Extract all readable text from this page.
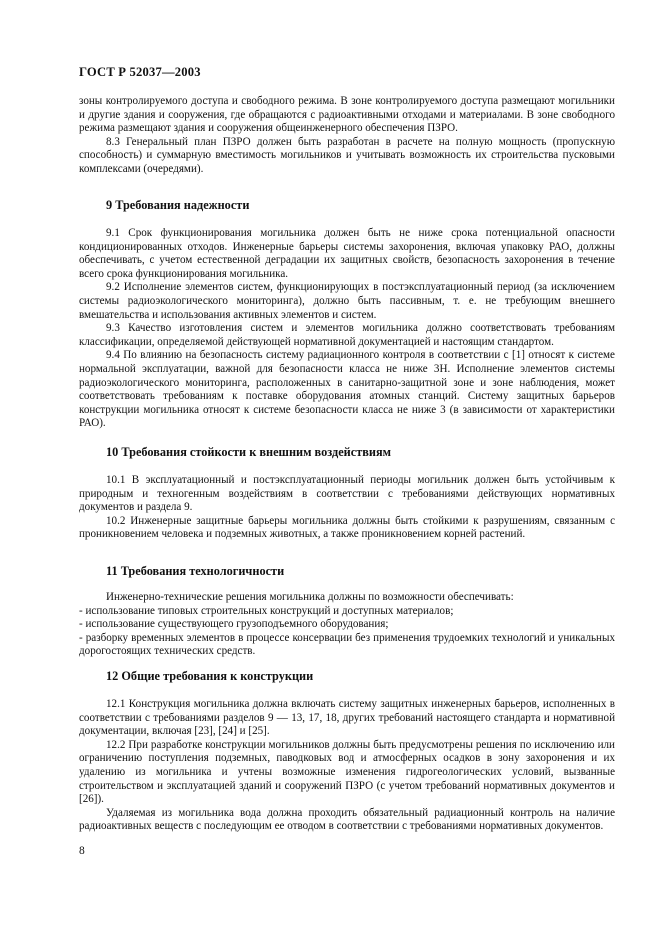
ГОСТ Р 52037—2003

зоны контролируемого доступа и свободного режима. В зоне контролируемого доступа размещают могильники и другие здания и сооружения, где обращаются с радиоактивными отходами и материалами. В зоне свободного режима размещают здания и сооружения общеинженерного обеспечения ПЗРО.

8.3 Генеральный план ПЗРО должен быть разработан в расчете на полную мощность (пропускную способность) и суммарную вместимость могильников и учитывать возможность их строительства пусковыми комплексами (очередями).

9 Требования надежности

9.1 Срок функционирования могильника должен быть не ниже срока потенциальной опасности кондиционированных отходов. Инженерные барьеры системы захоронения, включая упаковку РАО, должны обеспечивать, с учетом естественной деградации их защитных свойств, безопасность захоронения в течение всего срока функционирования могильника.

9.2 Исполнение элементов систем, функционирующих в постэксплуатационный период (за исключением системы радиоэкологического мониторинга), должно быть пассивным, т. е. не требующим внешнего вмешательства и использования активных элементов и систем.

9.3 Качество изготовления систем и элементов могильника должно соответствовать требованиям классификации, определяемой действующей нормативной документацией и настоящим стандартом.

9.4 По влиянию на безопасность систему радиационного контроля в соответствии с [1] относят к системе нормальной эксплуатации, важной для безопасности класса не ниже 3Н. Исполнение элементов системы радиоэкологического мониторинга, расположенных в санитарно-защитной зоне и зоне наблюдения, может соответствовать требованиям к поставке оборудования атомных станций. Систему защитных барьеров конструкции могильника относят к системе безопасности класса не ниже 3 (в зависимости от характеристики РАО).

10 Требования стойкости к внешним воздействиям

10.1 В эксплуатационный и постэксплуатационный периоды могильник должен быть устойчивым к природным и техногенным воздействиям в соответствии с требованиями действующих нормативных документов и раздела 9.

10.2 Инженерные защитные барьеры могильника должны быть стойкими к разрушениям, связанным с проникновением человека и подземных животных, а также проникновением корней растений.

11 Требования технологичности

Инженерно-технические решения могильника должны по возможности обеспечивать:

- использование типовых строительных конструкций и доступных материалов;

- использование существующего грузоподъемного оборудования;

- разборку временных элементов в процессе консервации без применения трудоемких технологий и уникальных дорогостоящих технических средств.

12 Общие требования к конструкции

12.1 Конструкция могильника должна включать систему защитных инженерных барьеров, исполненных в соответствии с требованиями разделов 9 — 13, 17, 18, других требований настоящего стандарта и нормативной документации, включая [23], [24] и [25].

12.2 При разработке конструкции могильников должны быть предусмотрены решения по исключению или ограничению поступления подземных, паводковых вод и атмосферных осадков в зону захоронения и их удалению из могильника и учтены возможные изменения гидрогеологических условий, вызванные строительством и эксплуатацией зданий и сооружений ПЗРО (с учетом требований нормативных документов и [26]).

Удаляемая из могильника вода должна проходить обязательный радиационный контроль на наличие радиоактивных веществ с последующим ее отводом в соответствии с требованиями нормативных документов.

8
